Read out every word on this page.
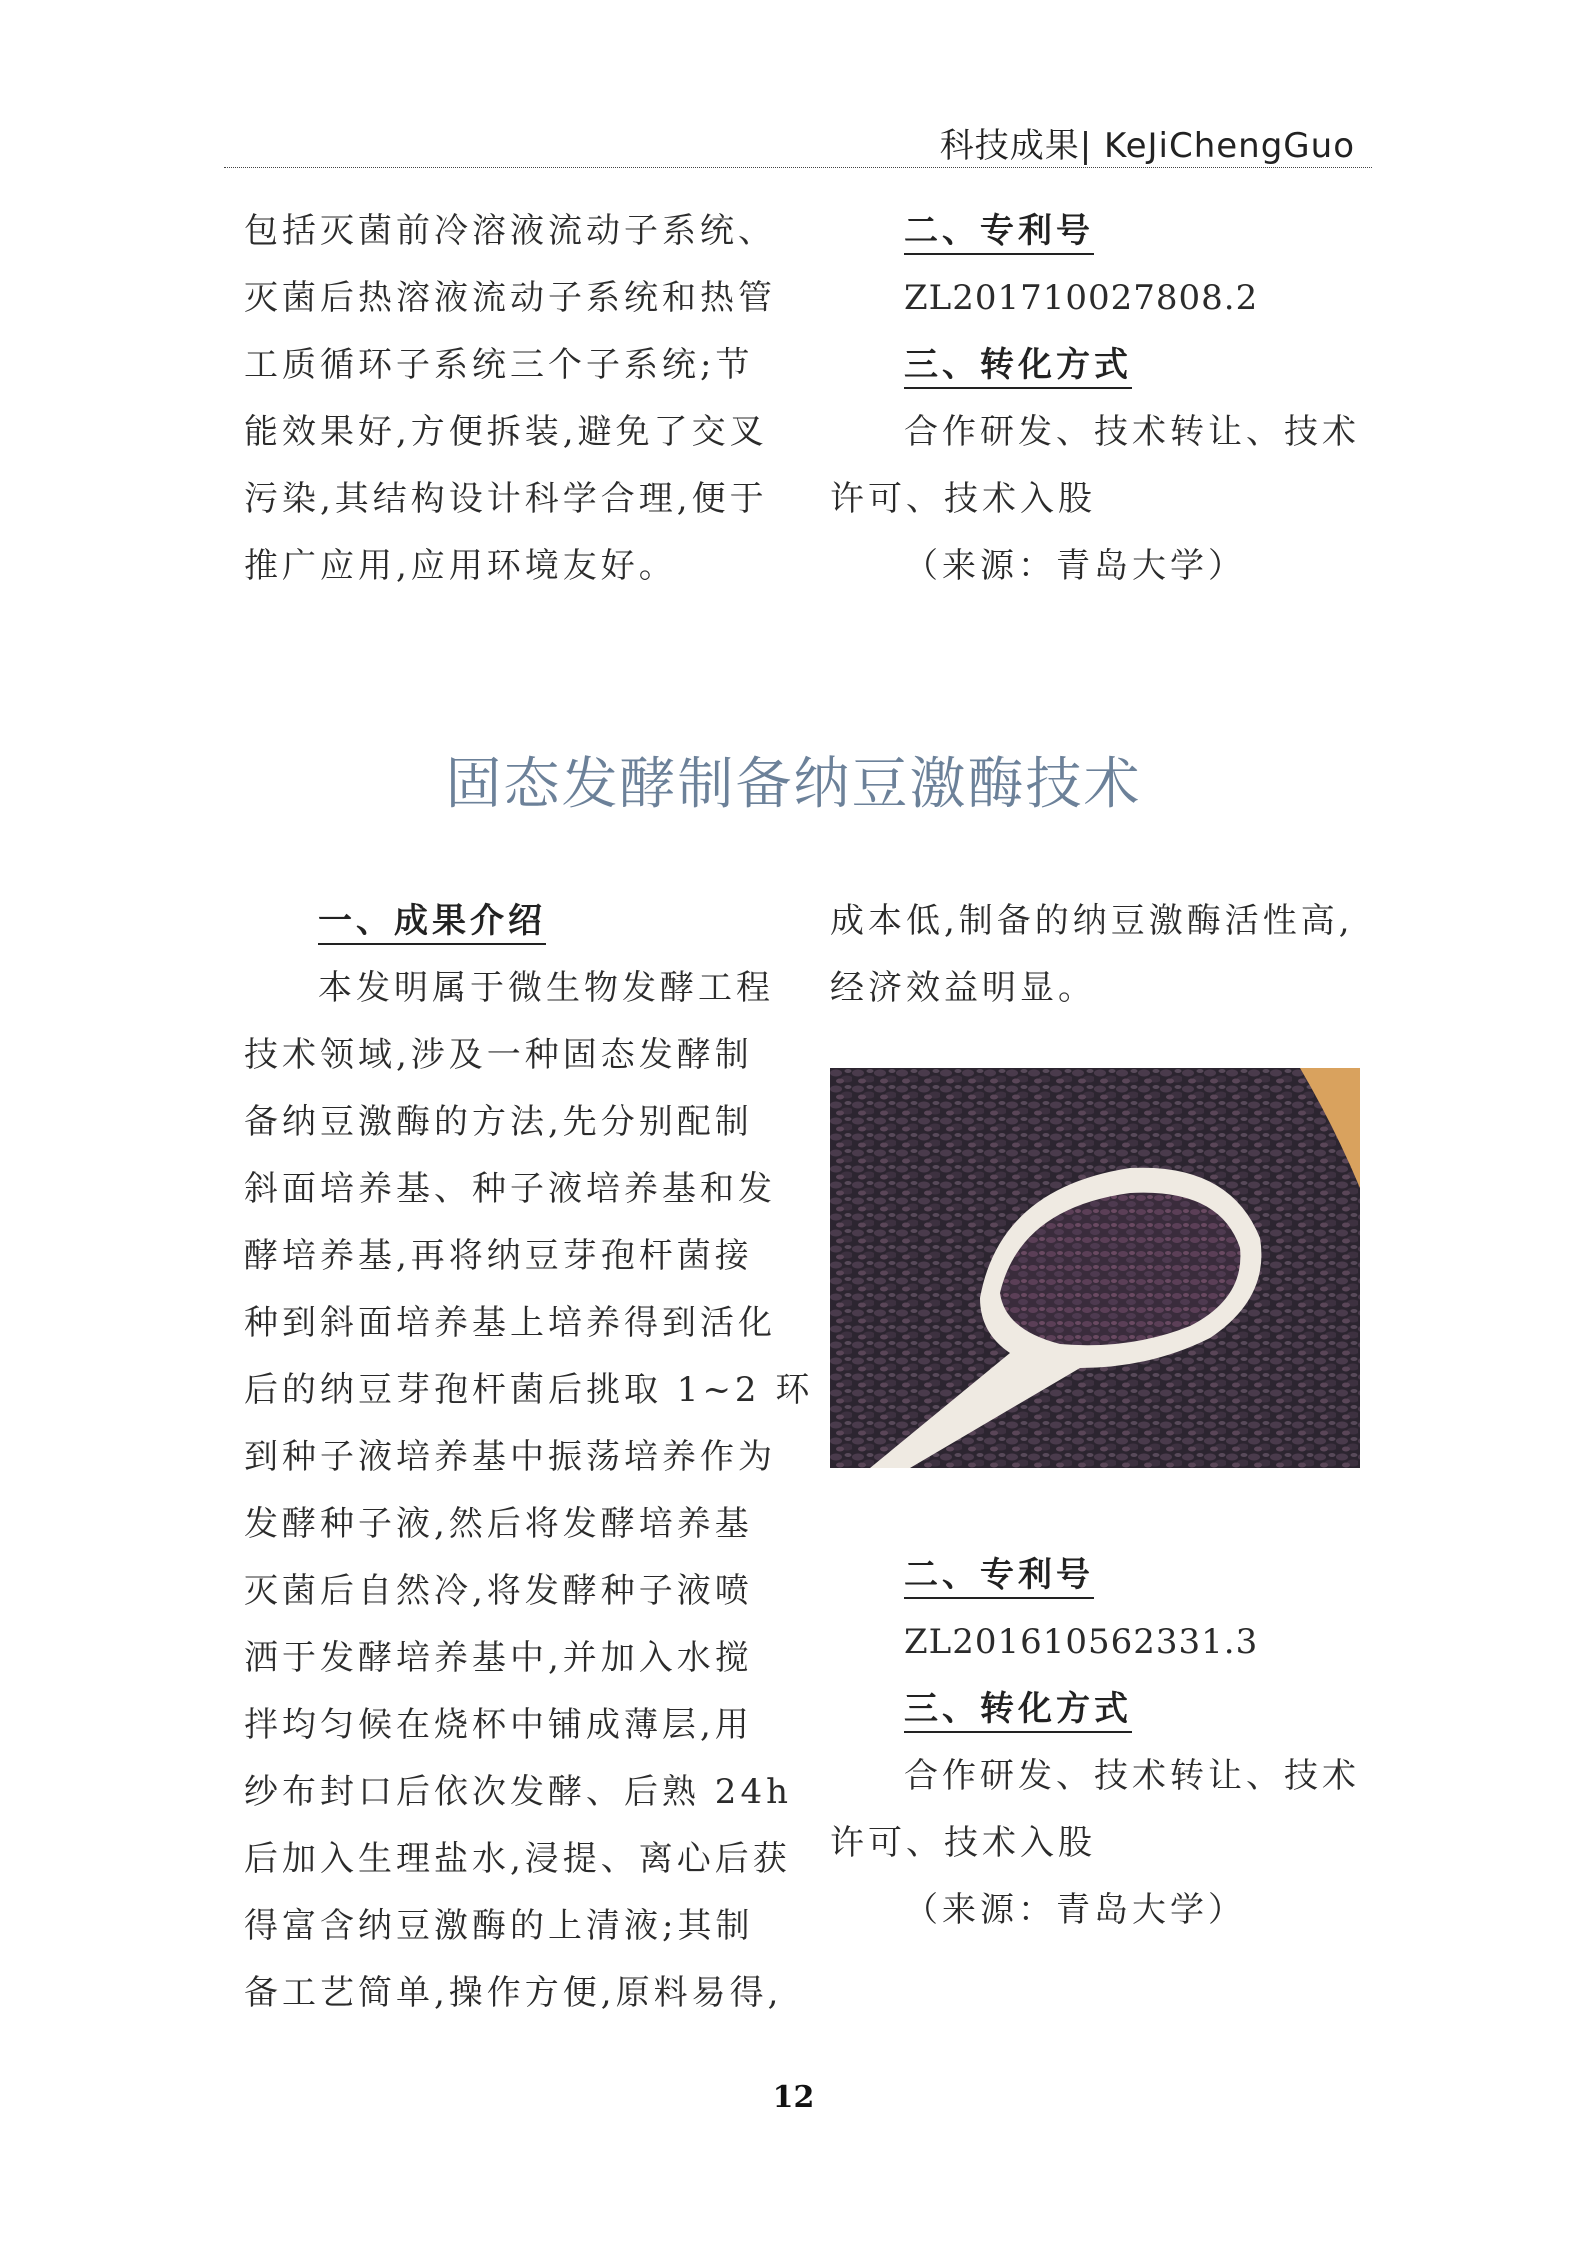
科技成果| KeJiChengGuo
包括灭菌前冷溶液流动子系统、
灭菌后热溶液流动子系统和热管
工质循环子系统三个子系统;节
能效果好,方便拆装,避免了交叉
污染,其结构设计科学合理,便于
推广应用,应用环境友好。
二、专利号
ZL201710027808.2
三、转化方式
合作研发、技术转让、技术
许可、技术入股
（来源：青岛大学）
固态发酵制备纳豆激酶技术
一、成果介绍
本发明属于微生物发酵工程
技术领域,涉及一种固态发酵制
备纳豆激酶的方法,先分别配制
斜面培养基、种子液培养基和发
酵培养基,再将纳豆芽孢杆菌接
种到斜面培养基上培养得到活化
后的纳豆芽孢杆菌后挑取 1~2 环
到种子液培养基中振荡培养作为
发酵种子液,然后将发酵培养基
灭菌后自然冷,将发酵种子液喷
洒于发酵培养基中,并加入水搅
拌均匀候在烧杯中铺成薄层,用
纱布封口后依次发酵、后熟 24h
后加入生理盐水,浸提、离心后获
得富含纳豆激酶的上清液;其制
备工艺简单,操作方便,原料易得,
成本低,制备的纳豆激酶活性高,
经济效益明显。
二、专利号
ZL201610562331.3
三、转化方式
合作研发、技术转让、技术
许可、技术入股
（来源：青岛大学）
12
